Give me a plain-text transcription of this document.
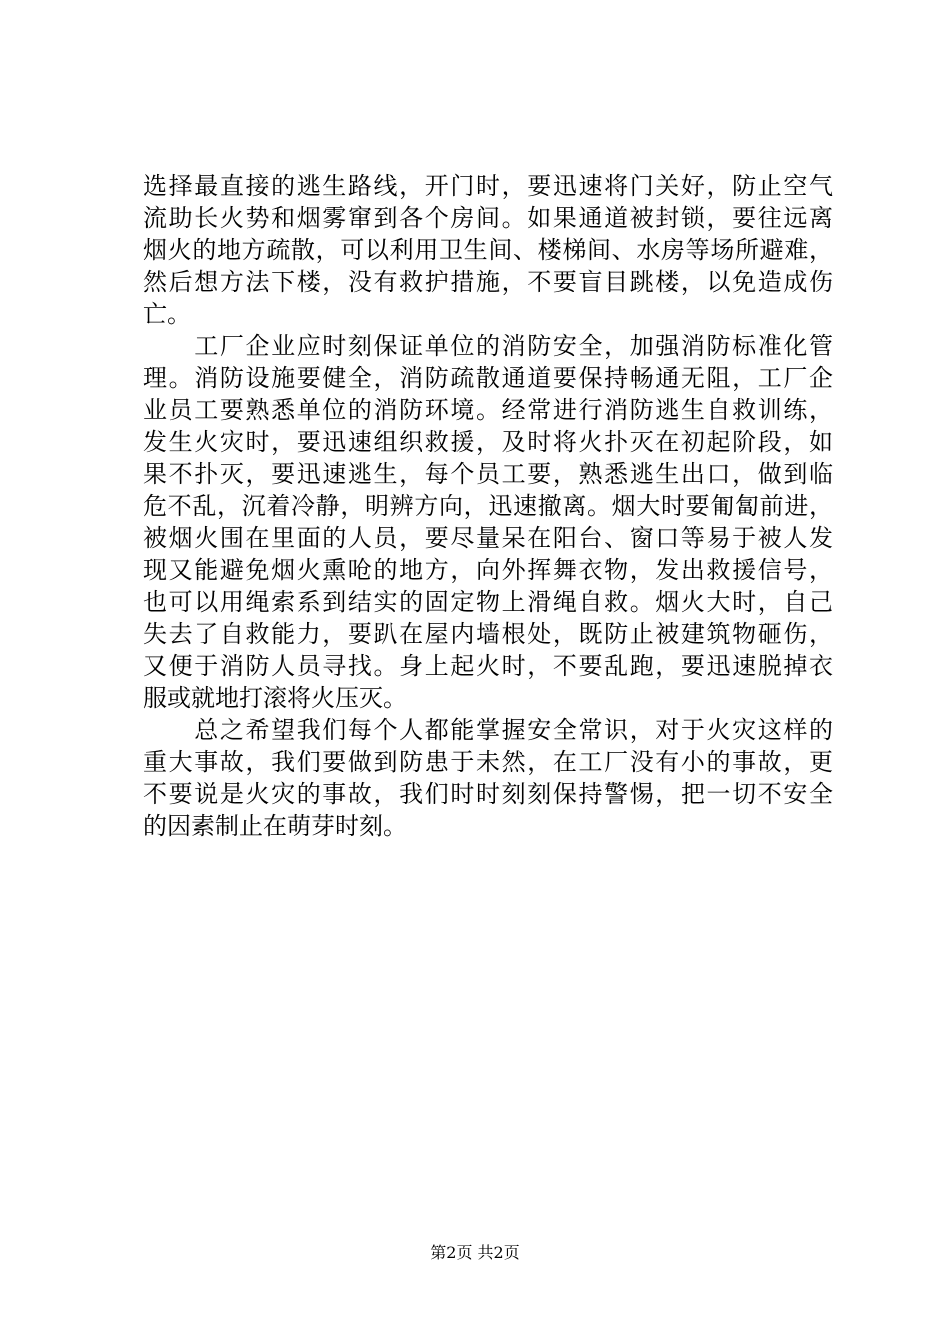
选择最直接的逃生路线，开门时，要迅速将门关好，防止空气
流助长火势和烟雾窜到各个房间。如果通道被封锁，要往远离
烟火的地方疏散，可以利用卫生间、楼梯间、水房等场所避难，
然后想方法下楼，没有救护措施，不要盲目跳楼，以免造成伤
亡。
　　工厂企业应时刻保证单位的消防安全，加强消防标准化管
理。消防设施要健全，消防疏散通道要保持畅通无阻，工厂企
业员工要熟悉单位的消防环境。经常进行消防逃生自救训练，
发生火灾时，要迅速组织救援，及时将火扑灭在初起阶段，如
果不扑灭，要迅速逃生，每个员工要，熟悉逃生出口，做到临
危不乱，沉着冷静，明辨方向，迅速撤离。烟大时要匍匐前进，
被烟火围在里面的人员，要尽量呆在阳台、窗口等易于被人发
现又能避免烟火熏呛的地方，向外挥舞衣物，发出救援信号，
也可以用绳索系到结实的固定物上滑绳自救。烟火大时，自己
失去了自救能力，要趴在屋内墙根处，既防止被建筑物砸伤，
又便于消防人员寻找。身上起火时，不要乱跑，要迅速脱掉衣
服或就地打滚将火压灭。
　　总之希望我们每个人都能掌握安全常识，对于火灾这样的
重大事故，我们要做到防患于未然，在工厂没有小的事故，更
不要说是火灾的事故，我们时时刻刻保持警惕，把一切不安全
的因素制止在萌芽时刻。
第2页 共2页
